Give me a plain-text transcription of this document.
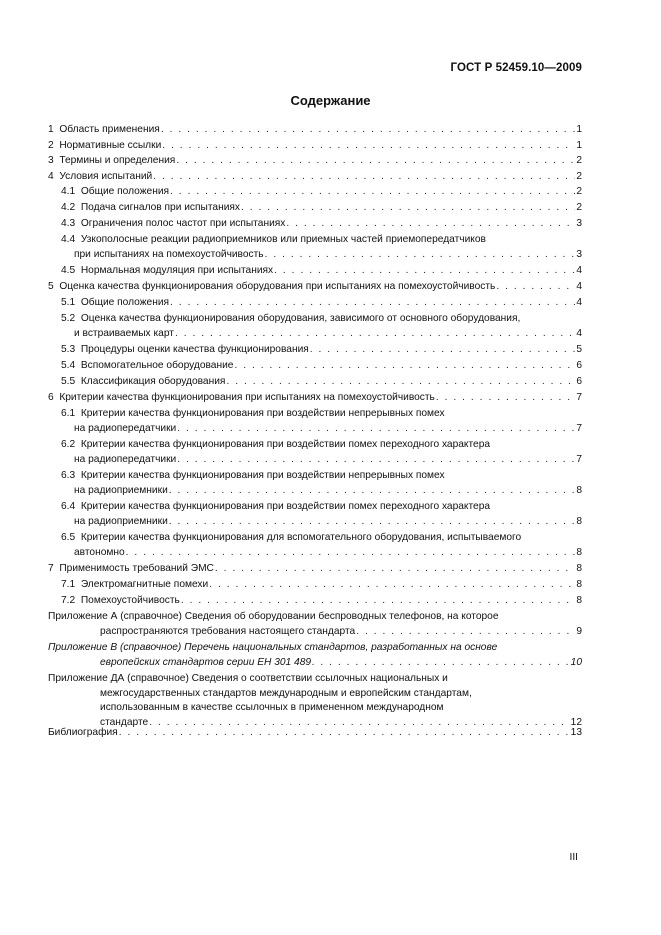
ГОСТ Р 52459.10—2009
Содержание
1 Область применения . . .	1
2 Нормативные ссылки . . .	1
3 Термины и определения . . .	2
4 Условия испытаний . . .	2
4.1 Общие положения . . .	2
4.2 Подача сигналов при испытаниях . . .	2
4.3 Ограничения полос частот при испытаниях . . .	3
4.4  Узкополосные реакции радиоприемников или приемных частей приемопередатчиков
при испытаниях на помехоустойчивость . . .	3
4.5 Нормальная модуляция при испытаниях . . .	4
5 Оценка качества функционирования оборудования при испытаниях на помехоустойчивость . . .	4
5.1 Общие положения . . .	4
5.2  Оценка качества функционирования оборудования, зависимого от основного оборудования,
и встраиваемых карт . . .	4
5.3 Процедуры оценки качества функционирования . . .	5
5.4 Вспомогательное оборудование . . .	6
5.5 Классификация оборудования . . .	6
6 Критерии качества функционирования при испытаниях на помехоустойчивость . . .	7
6.1  Критерии качества функционирования при воздействии непрерывных помех
на радиопередатчики . . .	7
6.2  Критерии качества функционирования при воздействии помех переходного характера
на радиопередатчики . . .	7
6.3  Критерии качества функционирования при воздействии непрерывных помех
на радиоприемники . . .	8
6.4  Критерии качества функционирования при воздействии помех переходного характера
на радиоприемники . . .	8
6.5  Критерии качества функционирования для вспомогательного оборудования, испытываемого
автономно . . .	8
7 Применимость требований ЭМС . . .	8
7.1 Электромагнитные помехи . . .	8
7.2 Помехоустойчивость . . .	8
Приложение А (справочное) Сведения об оборудовании беспроводных телефонов, на которое
распространяются требования настоящего стандарта . . .	9
Приложение В (справочное) Перечень национальных стандартов, разработанных на основе
европейских стандартов серии ЕН 301 489 . . .	10
Приложение ДА (справочное) Сведения о соответствии ссылочных национальных и
межгосударственных стандартов международным и европейским стандартам,
использованным в качестве ссылочных в примененном международном
стандарте . . .	12
Библиография . . .	13
III
